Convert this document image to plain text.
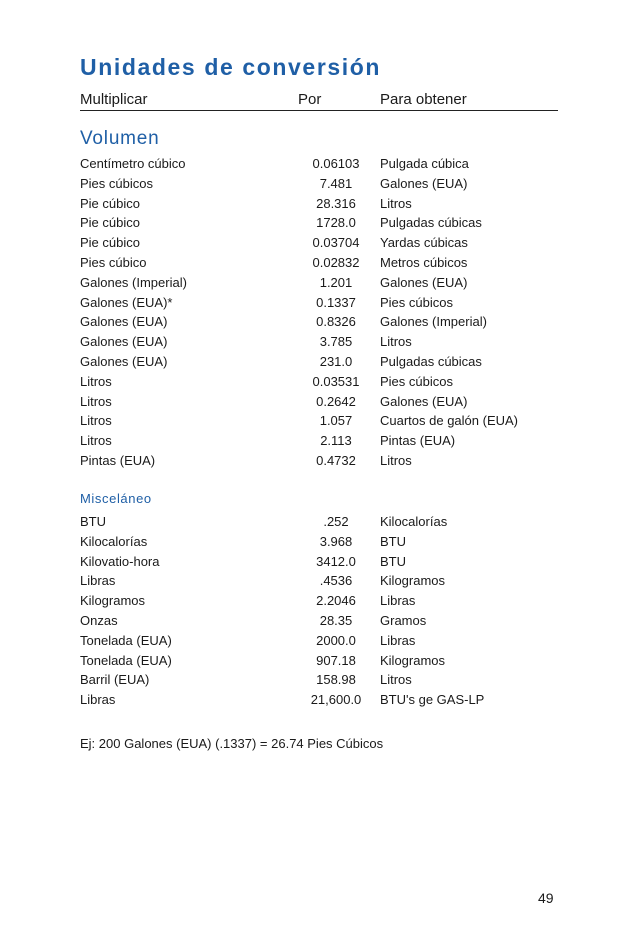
Unidades de conversión
Multiplicar	Por	Para obtener
Volumen
Centímetro cúbico	0.06103	Pulgada cúbica
Pies cúbicos	7.481	Galones (EUA)
Pie cúbico	28.316	Litros
Pie cúbico	1728.0	Pulgadas cúbicas
Pie cúbico	0.03704	Yardas cúbicas
Pies cúbico	0.02832	Metros cúbicos
Galones (Imperial)	1.201	Galones (EUA)
Galones (EUA)*	0.1337	Pies cúbicos
Galones (EUA)	0.8326	Galones (Imperial)
Galones (EUA)	3.785	Litros
Galones (EUA)	231.0	Pulgadas cúbicas
Litros	0.03531	Pies cúbicos
Litros	0.2642	Galones (EUA)
Litros	1.057	Cuartos de galón (EUA)
Litros	2.113	Pintas (EUA)
Pintas (EUA)	0.4732	Litros
Misceláneo
BTU	.252	Kilocalorías
Kilocalorías	3.968	BTU
Kilovatio-hora	3412.0	BTU
Libras	.4536	Kilogramos
Kilogramos	2.2046	Libras
Onzas	28.35	Gramos
Tonelada (EUA)	2000.0	Libras
Tonelada (EUA)	907.18	Kilogramos
Barril (EUA)	158.98	Litros
Libras	21,600.0	BTU's ge GAS-LP
Ej: 200 Galones (EUA) (.1337) = 26.74 Pies Cúbicos
49
